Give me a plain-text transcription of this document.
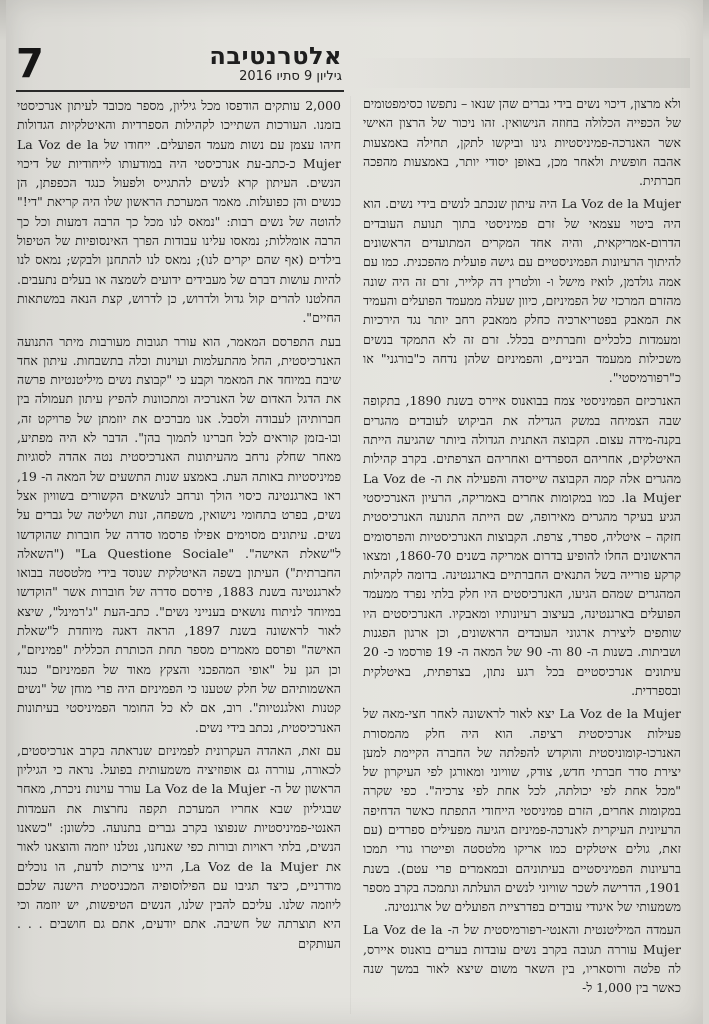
7	אלטרנטיבה
גיליון 9 סתיו 2016

ולא מרצון, דיכוי נשים בידי גברים שהן שנאו – נתפשו כסימפטומים של הכפייה הכלולה בחוזה הנישואין. זהו ניכור של הרצון האישי אשר האנרכה-פמיניסטיות גינו וביקשו לתקן, תחילה באמצעות אהבה חופשית ולאחר מכן, באופן יסודי יותר, באמצעות מהפכה חברתית.

La Voz de la Mujer היה עיתון שנכתב לנשים בידי נשים. הוא היה ביטוי עצמאי של זרם פמיניסטי בתוך תנועת העובדים הדרום-אמריקאית, והיה אחד המקרים המתועדים הראשונים להיתוך הרעיונות הפמיניסטיים עם גישה פועלית מהפכנית. כמו עם אמה גולדמן, לואיז מישל ו- וולטרין דה קלייר, זרם זה היה שונה מהזרם המרכזי של הפמיניזם, כיוון שעלה ממעמד הפועלים והעמיד את המאבק בפטריארכיה כחלק ממאבק רחב יותר נגד הירכיות ומעמדות כלכליים וחברתיים בכלל. זרם זה לא התמקד בנשים משכילות ממעמד הביניים, והפמיניזם שלהן נדחה כ"בורגני" או כ"רפורמיסטי".

האנרכיזם הפמיניסטי צמח בבואנוס איירס בשנת 1890, בתקופה שבה הצמיחה במשק הגדילה את הביקוש לעובדים מהגרים בקנה-מידה עצום. הקבוצה האתנית הגדולה ביותר שהגיעה הייתה האיטלקים, אחריהם הספרדים ואחריהם הצרפתים. בקרב קהילות מהגרים אלה קמה הקבוצה שייסדה והפעילה את ה- La Voz de la Mujer. כמו במקומות אחרים באמריקה, הרעיון האנרכיסטי הגיע בעיקר מהגרים מאירופה, שם הייתה התנועה האנרכיסטית חזקה – איטליה, ספרד, צרפת. הקבוצות האנרכיסטיות והפרסומים הראשונים החלו להופיע בדרום אמריקה בשנים 1860-70, ומצאו קרקע פורייה בשל התנאים החברתיים בארגנטינה. בדומה לקהילות המהגרים שמהם הגיעו, האנרכיסטים היו חלק בלתי נפרד ממעמד הפועלים בארגנטינה, בעיצוב רעיונותיו ומאבקיו. האנרכיסטים היו שותפים ליצירת ארגוני העובדים הראשונים, וכן ארגון הפגנות ושביתות. בשנות ה- 80 וה- 90 של המאה ה- 19 פורסמו כ- 20 עיתונים אנרכיסטיים בכל רגע נתון, בצרפתית, באיטלקית ובספרדית.

La Voz de la Mujer יצא לאור לראשונה לאחר חצי-מאה של פעילות אנרכיסטית רציפה. הוא היה חלק מהמסורת האנרכו-קומוניסטית והוקדש להפלתה של החברה הקיימת למען יצירת סדר חברתי חדש, צודק, שוויוני ומאורגן לפי העיקרון של "מכל אחת לפי יכולתה, לכל אחת לפי צרכיה". כפי שקרה במקומות אחרים, הזרם פמיניסטי הייחודי התפתח כאשר הדחיפה הרעיונית העיקרית לאנרכה-פמיניזם הגיעה מפעילים ספרדים (עם זאת, גולים איטלקים כמו אריקו מלטסטה ופייטרו גורי תמכו ברעיונות הפמיניסטיים בעיתוניהם ובמאמרים פרי עטם). בשנת 1901, הדרישה לשכר שוויוני לנשים הועלתה ונתמכה בקרב מספר משמעותי של איגודי עובדים בפדרציית הפועלים של ארגנטינה.

העמדה המיליטנטית והאנטי-רפורמיסטית של ה- La Voz de la Mujer עוררה תגובה בקרב נשים עובדות בערים בואנוס איירס, לה פלטה ורוסאריו, בין השאר משום שיצא לאור במשך שנה כאשר בין 1,000 ל-

2,000 עותקים הודפסו מכל גיליון, מספר מכובד לעיתון אנרכיסטי בזמנו. העורכות השתייכו לקהילות הספרדיות והאיטלקיות הגדולות חיהו עצמן עם נשות מעמד הפועלים. ייחודו של La Voz de la Mujer כ-כתב-עת אנרכיסטי היה במודעותו לייחודיות של דיכוי הנשים. העיתון קרא לנשים להתגייס ולפעול כנגד הכפפתן, הן כנשים והן כפועלות. מאמר המערכת הראשון שלו היה קריאת "די!" להוטה של נשים רבות: "נמאס לנו מכל כך הרבה דמעות וכל כך הרבה אומללות; נמאסו עלינו עבודות הפרך האינסופיות של הטיפול בילדים (אף שהם יקרים לנו); נמאס לנו להתחנן ולבקש; נמאס לנו להיות עושות דברם של מעבידים ידועים לשמצה או בעלים נתעבים. החלטנו להרים קול גדול ולדרוש, כן לדרוש, קצת הנאה במשתאות החיים".

בעת התפרסם המאמר, הוא עורר תגובות מעורבות מיתר התנועה האנרכיסטית, החל מהתעלמות ועוינות וכלה בתשבחות. עיתון אחד שיבח במיוחד את המאמר וקבע כי "קבוצת נשים מיליטנטיות פרשה את הדגל האדום של האנרכיה ומתכוונות להפיץ עיתון תעמולה בין חברותיהן לעבודה ולסבל. אנו מברכים את יוזמתן של פרויקט זה, ובו-בזמן קוראים לכל חברינו לתמוך בהן". הדבר לא היה מפתיע, מאחר שחלק נרחב מהעיתונות האנרכיסטית נטה אהדה לסוגיות פמיניסטיות באותה העת. באמצע שנות התשעים של המאה ה- 19, ראו בארגנטינה כיסוי הולך ונרחב לנושאים הקשורים בשוויון אצל נשים, בפרט בתחומי נישואין, משפחה, זנות ושליטה של גברים על נשים. עיתונים מסוימים אפילו פרסמו סדרה של חוברות שהוקדשו ל"שאלת האישה". "La Questione Sociale" ("השאלה החברתית") העיתון בשפה האיטלקית שנוסד בידי מלטסטה בבואו לארגנטינה בשנת 1883, פירסם סדרה של חוברות אשר "הוקדשו במיוחד לניתוח נושאים בענייני נשים". כתב-העת "ג'רמינל", שיצא לאור לראשונה בשנת 1897, הראה דאגה מיוחדת ל"שאלת האישה" ופרסם מאמרים מספר תחת הכותרת הכללית "פמיניזם", וכן הגן על "אופי המהפכני והצקץ מאוד של הפמיניזם" כנגד האשמותיהם של חלק שטענו כי הפמיניזם היה פרי מוחן של "נשים קטנות ואלגנטיות". רוב, אם לא כל החומר הפמיניסטי בעיתונות האנרכיסטית, נכתב בידי נשים.

עם זאת, האהדה העקרונית לפמיניזם שנראתה בקרב אנרכיסטים, לכאורה, עוררה גם אופוזיציה משמעותית בפועל. נראה כי הגיליון הראשון של ה- La Voz de la Mujer עורר עוינות ניכרת, מאחר שבגיליון שבא אחריו המערכת תקפה נחרצות את העמדות האנטי-פמיניסטיות שנפוצו בקרב גברים בתנועה. כלשונן: "כשאנו הנשים, בלתי ראויות ובורות כפי שאנחנו, נטלנו יוזמה והוצאנו לאור את La Voz de la Mujer, היינו צריכות לדעת, הו נוכלים מודרניים, כיצד תגיבו עם הפילוסופיה המכניסטית הישנה שלכם ליוזמה שלנו. עליכם להבין שלנו, הנשים הטיפשות, יש יוזמה וכי היא תוצרתה של חשיבה. אתם יודעים, אתם גם חושבים . . . העותקים
